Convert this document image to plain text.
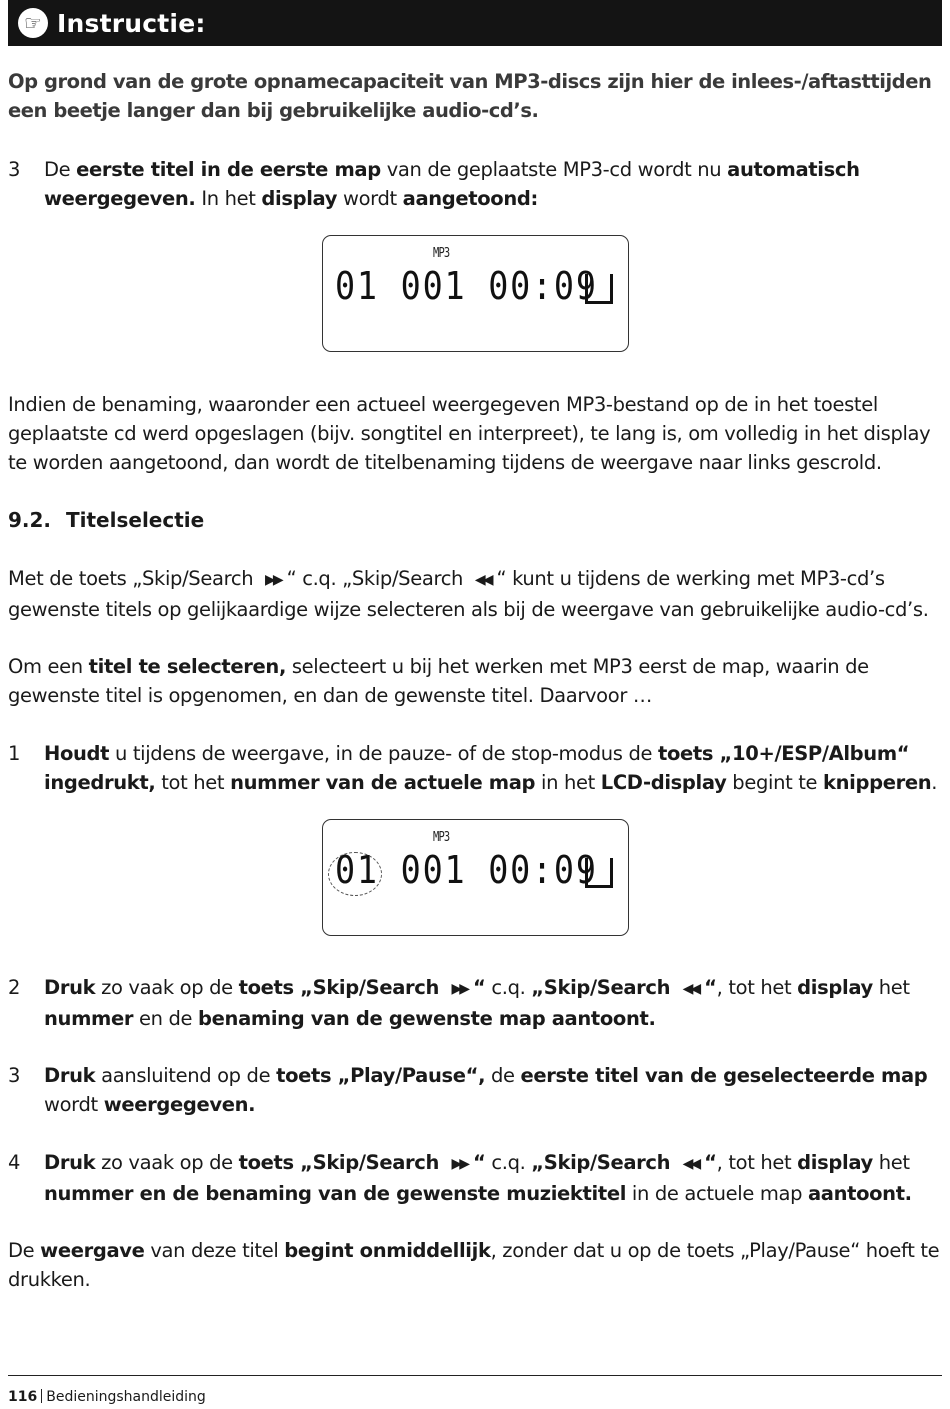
☞ Instructie:
Op grond van de grote opnamecapaciteit van MP3-discs zijn hier de inlees-/aftasttijden een beetje langer dan bij gebruikelijke audio-cd’s.
3	De eerste titel in de eerste map van de geplaatste MP3-cd wordt nu automatisch weergegeven. In het display wordt aangetoond:
MP3
01 001 00:09
Indien de benaming, waaronder een actueel weergegeven MP3-bestand op de in het toestel geplaatste cd werd opgeslagen (bijv. songtitel en interpreet), te lang is, om volledig in het display te worden aangetoond, dan wordt de titelbenaming tijdens de weergave naar links gescrold.
9.2. Titelselectie
Met de toets „Skip/Search ▶▶ “ c.q. „Skip/Search ◀◀ “ kunt u tijdens de werking met MP3-cd’s gewenste titels op gelijkaardige wijze selecteren als bij de weergave van gebruikelijke audio-cd’s.
Om een titel te selecteren, selecteert u bij het werken met MP3 eerst de map, waarin de gewenste titel is opgenomen, en dan de gewenste titel. Daarvoor …
1	Houdt u tijdens de weergave, in de pauze- of de stop-modus de toets „10+/ESP/Album“ ingedrukt, tot het nummer van de actuele map in het LCD-display begint te knipperen.
MP3
01 001 00:09
2	Druk zo vaak op de toets „Skip/Search ▶▶ “ c.q. „Skip/Search ◀◀ “, tot het display het nummer en de benaming van de gewenste map aantoont.
3	Druk aansluitend op de toets „Play/Pause“, de eerste titel van de geselecteerde map wordt weergegeven.
4	Druk zo vaak op de toets „Skip/Search ▶▶ “ c.q. „Skip/Search ◀◀ “, tot het display het nummer en de benaming van de gewenste muziektitel in de actuele map aantoont.
De weergave van deze titel begint onmiddellijk, zonder dat u op de toets „Play/Pause“ hoeft te drukken.
116 Bedieningshandleiding
